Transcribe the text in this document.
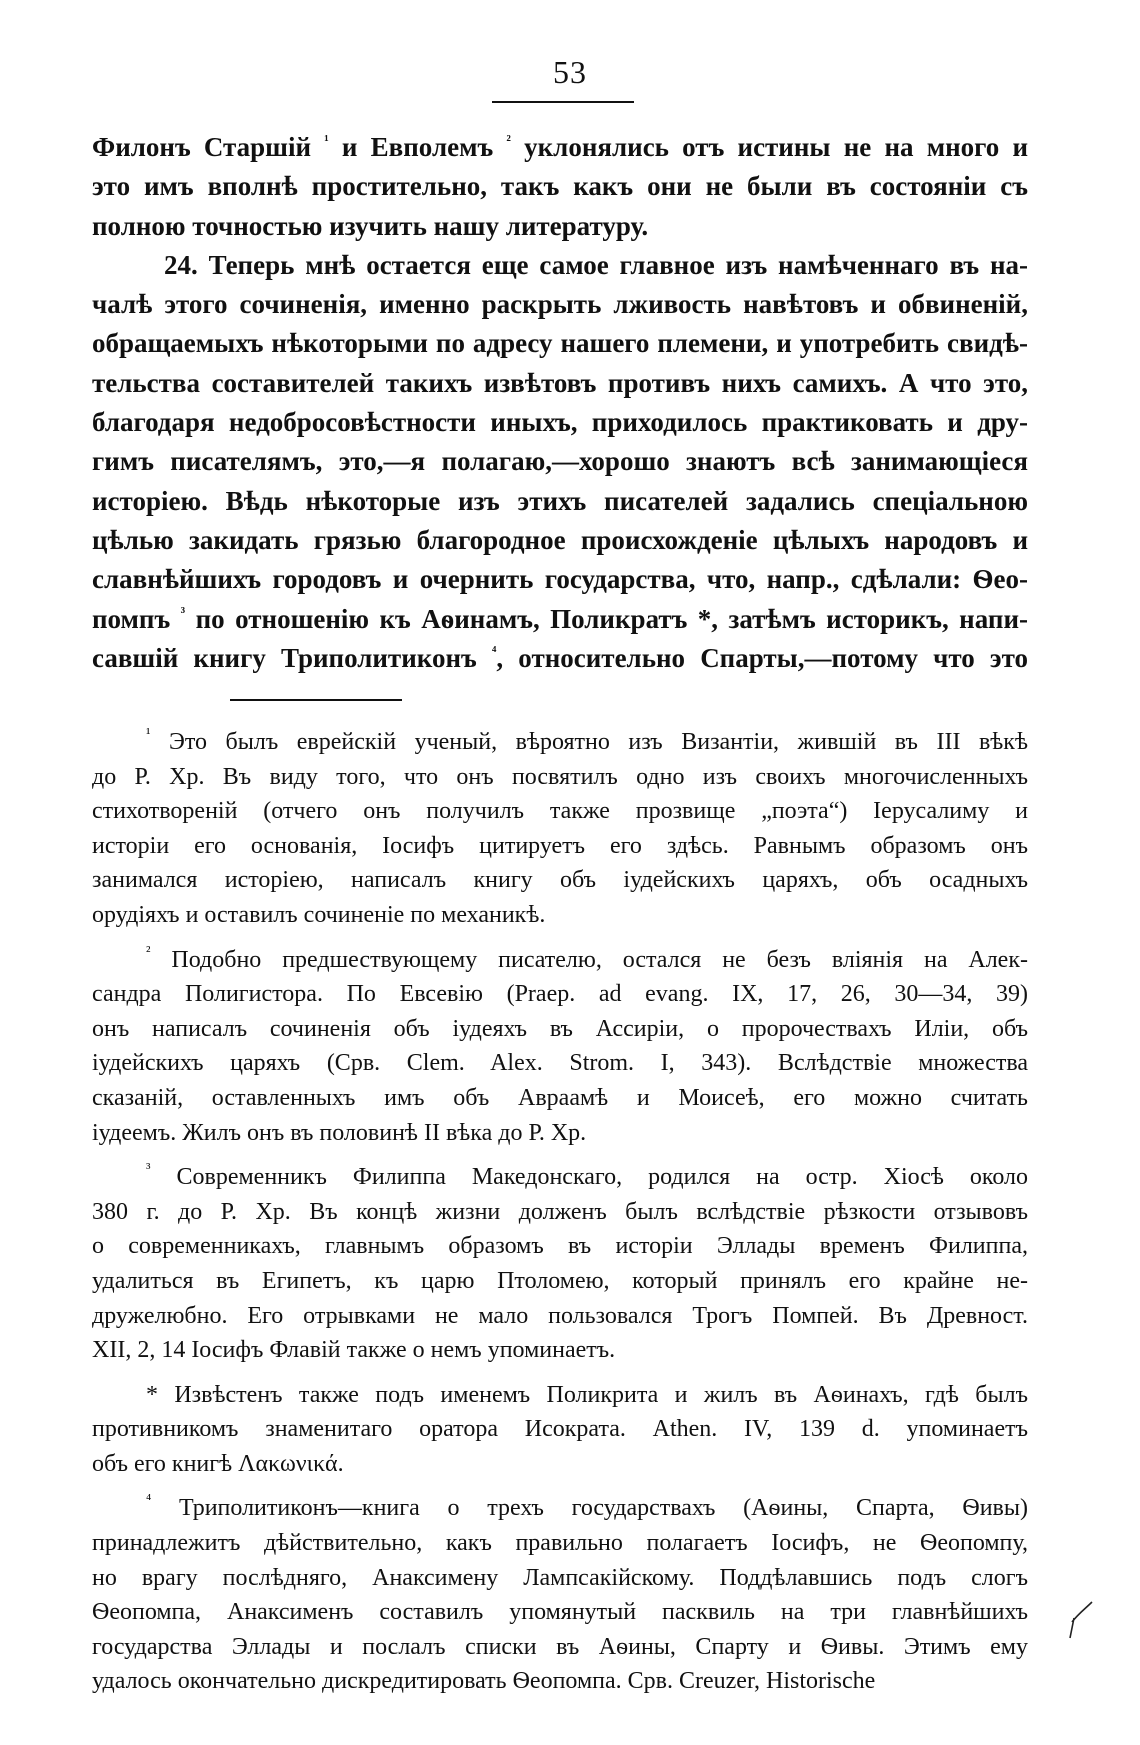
53
Филонъ Старшій $^{^1}$ и Евполемъ $^{^2}$ уклонялись отъ истины не на много и
это имъ вполнѣ простительно, такъ какъ они не были въ состояніи съ
полною точностью изучить нашу литературу.
24. Теперь мнѣ остается еще самое главное изъ намѣченнаго въ на-
чалѣ этого сочиненія, именно раскрыть лживость навѣтовъ и обвиненій,
обращаемыхъ нѣкоторыми по адресу нашего племени, и употребить свидѣ-
тельства составителей такихъ извѣтовъ противъ нихъ самихъ. А что это,
благодаря недобросовѣстности иныхъ, приходилось практиковать и дру-
гимъ писателямъ, это,—я полагаю,—хорошо знаютъ всѣ занимающіеся
исторіею. Вѣдь нѣкоторые изъ этихъ писателей задались спеціальною
цѣлью закидать грязью благородное происхожденіе цѣлыхъ народовъ и
славнѣйшихъ городовъ и очернить государства, что, напр., сдѣлали: Ѳео-
помпъ $^{^3}$ по отношенію къ Аѳинамъ, Поликратъ *, затѣмъ историкъ, напи-
савшій книгу Триполитиконъ $^{^4}$, относительно Спарты,—потому что это
$^{^1}$ Это былъ еврейскій ученый, вѣроятно изъ Византіи, жившій въ III вѣкѣ
до Р. Хр. Въ виду того, что онъ посвятилъ одно изъ своихъ многочисленныхъ
стихотвореній (отчего онъ получилъ также прозвище „поэта“) Іерусалиму и
исторіи его основанія, Іосифъ цитируетъ его здѣсь. Равнымъ образомъ онъ
занимался исторіею, написалъ книгу объ іудейскихъ царяхъ, объ осадныхъ
орудіяхъ и оставилъ сочиненіе по механикѣ.
$^{^2}$ Подобно предшествующему писателю, остался не безъ вліянія на Алек-
сандра Полигистора. По Евсевію (Praep. ad evang. IX, 17, 26, 30—34, 39)
онъ написалъ сочиненія объ іудеяхъ въ Ассиріи, о пророчествахъ Иліи, объ
іудейскихъ царяхъ (Срв. Clem. Alex. Strom. I, 343). Вслѣдствіе множества
сказаній, оставленныхъ имъ объ Авраамѣ и Моисеѣ, его можно считать
іудеемъ. Жилъ онъ въ половинѣ II вѣка до Р. Хр.
$^{^3}$ Современникъ Филиппа Македонскаго, родился на остр. Хіосѣ около
380 г. до Р. Хр. Въ концѣ жизни долженъ былъ вслѣдствіе рѣзкости отзывовъ
о современникахъ, главнымъ образомъ въ исторіи Эллады временъ Филиппа,
удалиться въ Египетъ, къ царю Птоломею, который принялъ его крайне не-
дружелюбно. Его отрывками не мало пользовался Трогъ Помпей. Въ Древност.
XII, 2, 14 Іосифъ Флавій также о немъ упоминаетъ.
* Извѣстенъ также подъ именемъ Поликрита и жилъ въ Аѳинахъ, гдѣ былъ
противникомъ знаменитаго оратора Исократа. Athen. IV, 139 d. упоминаетъ
объ его книгѣ Λακωνικά.
$^{^4}$ Триполитиконъ—книга о трехъ государствахъ (Аѳины, Спарта, Ѳивы)
принадлежитъ дѣйствительно, какъ правильно полагаетъ Іосифъ, не Ѳеопомпу,
но врагу послѣдняго, Анаксимену Лампсакійскому. Поддѣлавшись подъ слогъ
Ѳеопомпа, Анаксименъ составилъ упомянутый пасквиль на три главнѣйшихъ
государства Эллады и послалъ списки въ Аѳины, Спарту и Ѳивы. Этимъ ему
удалось окончательно дискредитировать Ѳеопомпа. Срв. Creuzer, Historische
